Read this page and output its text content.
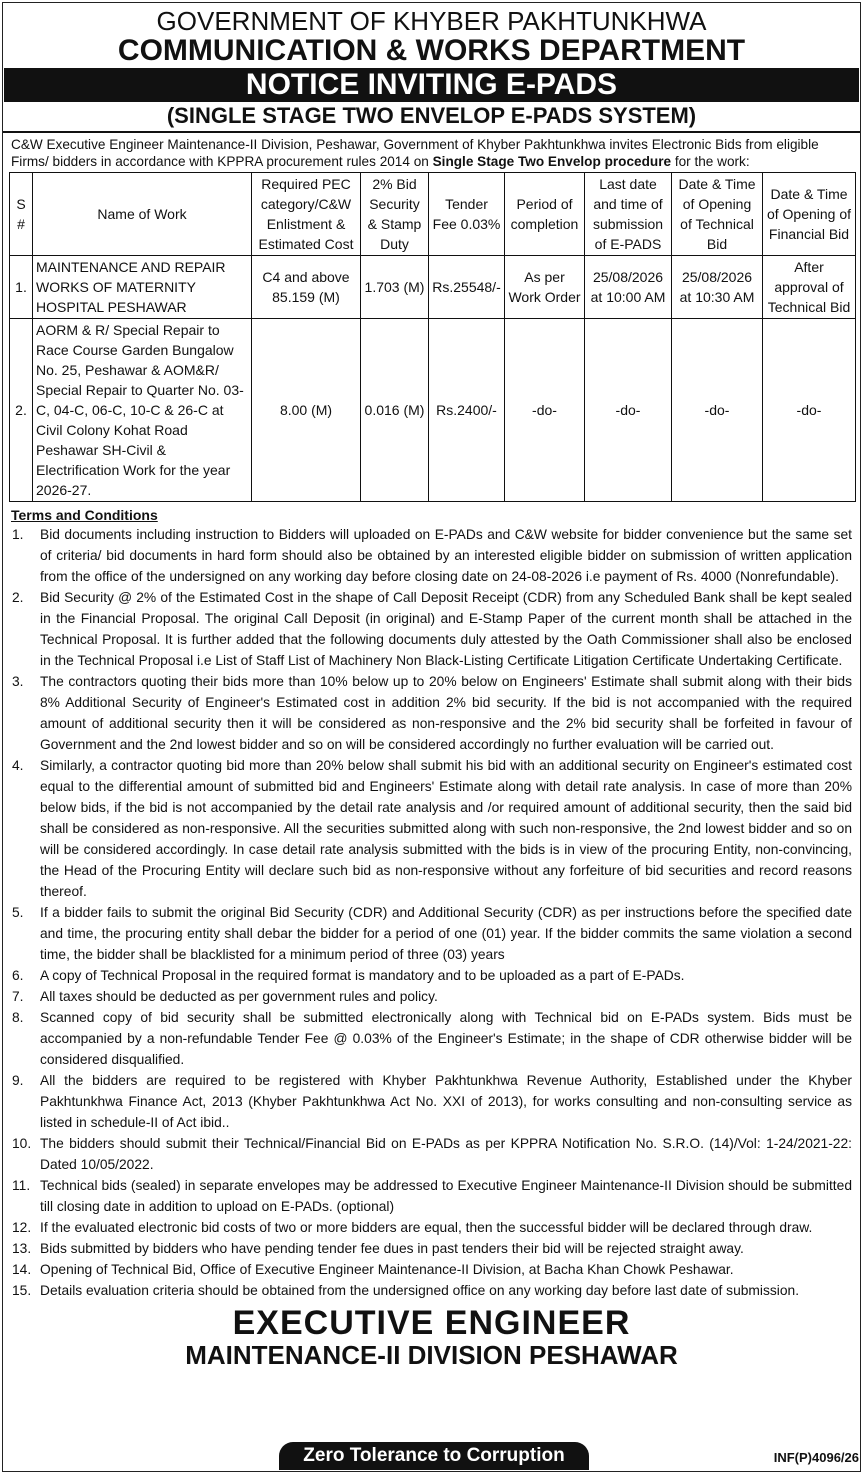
GOVERNMENT OF KHYBER PAKHTUNKHWA
COMMUNICATION & WORKS DEPARTMENT
NOTICE INVITING E-PADS
(SINGLE STAGE TWO ENVELOP E-PADS SYSTEM)
C&W Executive Engineer Maintenance-II Division, Peshawar, Government of Khyber Pakhtunkhwa invites Electronic Bids from eligible Firms/ bidders in accordance with KPPRA procurement rules 2014 on Single Stage Two Envelop procedure for the work:
S #	Name of Work	Required PEC category/C&W Enlistment & Estimated Cost	2% Bid Security & Stamp Duty	Tender Fee 0.03%	Period of completion	Last date and time of submission of E-PADS	Date & Time of Opening of Technical Bid	Date & Time of Opening of Financial Bid
1.	MAINTENANCE AND REPAIR WORKS OF MATERNITY HOSPITAL PESHAWAR	C4 and above 85.159 (M)	1.703 (M)	Rs.25548/-	As per Work Order	25/08/2026 at 10:00 AM	25/08/2026 at 10:30 AM	After approval of Technical Bid
2.	AORM & R/ Special Repair to Race Course Garden Bungalow No. 25, Peshawar & AOM&R/ Special Repair to Quarter No. 03-C, 04-C, 06-C, 10-C & 26-C at Civil Colony Kohat Road Peshawar SH-Civil & Electrification Work for the year 2026-27.	8.00 (M)	0.016 (M)	Rs.2400/-	-do-	-do-	-do-	-do-
Terms and Conditions
1. Bid documents including instruction to Bidders will uploaded on E-PADs and C&W website for bidder convenience but the same set of criteria/ bid documents in hard form should also be obtained by an interested eligible bidder on submission of written application from the office of the undersigned on any working day before closing date on 24-08-2026 i.e payment of Rs. 4000 (Nonrefundable).
2. Bid Security @ 2% of the Estimated Cost in the shape of Call Deposit Receipt (CDR) from any Scheduled Bank shall be kept sealed in the Financial Proposal. The original Call Deposit (in original) and E-Stamp Paper of the current month shall be attached in the Technical Proposal. It is further added that the following documents duly attested by the Oath Commissioner shall also be enclosed in the Technical Proposal i.e List of Staff List of Machinery Non Black-Listing Certificate Litigation Certificate Undertaking Certificate.
3. The contractors quoting their bids more than 10% below up to 20% below on Engineers' Estimate shall submit along with their bids 8% Additional Security of Engineer's Estimated cost in addition 2% bid security. If the bid is not accompanied with the required amount of additional security then it will be considered as non-responsive and the 2% bid security shall be forfeited in favour of Government and the 2nd lowest bidder and so on will be considered accordingly no further evaluation will be carried out.
4. Similarly, a contractor quoting bid more than 20% below shall submit his bid with an additional security on Engineer's estimated cost equal to the differential amount of submitted bid and Engineers' Estimate along with detail rate analysis. In case of more than 20% below bids, if the bid is not accompanied by the detail rate analysis and /or required amount of additional security, then the said bid shall be considered as non-responsive. All the securities submitted along with such non-responsive, the 2nd lowest bidder and so on will be considered accordingly. In case detail rate analysis submitted with the bids is in view of the procuring Entity, non-convincing, the Head of the Procuring Entity will declare such bid as non-responsive without any forfeiture of bid securities and record reasons thereof.
5. If a bidder fails to submit the original Bid Security (CDR) and Additional Security (CDR) as per instructions before the specified date and time, the procuring entity shall debar the bidder for a period of one (01) year. If the bidder commits the same violation a second time, the bidder shall be blacklisted for a minimum period of three (03) years
6. A copy of Technical Proposal in the required format is mandatory and to be uploaded as a part of E-PADs.
7. All taxes should be deducted as per government rules and policy.
8. Scanned copy of bid security shall be submitted electronically along with Technical bid on E-PADs system. Bids must be accompanied by a non-refundable Tender Fee @ 0.03% of the Engineer's Estimate; in the shape of CDR otherwise bidder will be considered disqualified.
9. All the bidders are required to be registered with Khyber Pakhtunkhwa Revenue Authority, Established under the Khyber Pakhtunkhwa Finance Act, 2013 (Khyber Pakhtunkhwa Act No. XXI of 2013), for works consulting and non-consulting service as listed in schedule-II of Act ibid..
10. The bidders should submit their Technical/Financial Bid on E-PADs as per KPPRA Notification No. S.R.O. (14)/Vol: 1-24/2021-22: Dated 10/05/2022.
11. Technical bids (sealed) in separate envelopes may be addressed to Executive Engineer Maintenance-II Division should be submitted till closing date in addition to upload on E-PADs. (optional)
12. If the evaluated electronic bid costs of two or more bidders are equal, then the successful bidder will be declared through draw.
13. Bids submitted by bidders who have pending tender fee dues in past tenders their bid will be rejected straight away.
14. Opening of Technical Bid, Office of Executive Engineer Maintenance-II Division, at Bacha Khan Chowk Peshawar.
15. Details evaluation criteria should be obtained from the undersigned office on any working day before last date of submission.
EXECUTIVE ENGINEER
MAINTENANCE-II DIVISION PESHAWAR
Zero Tolerance to Corruption	INF(P)4096/26
